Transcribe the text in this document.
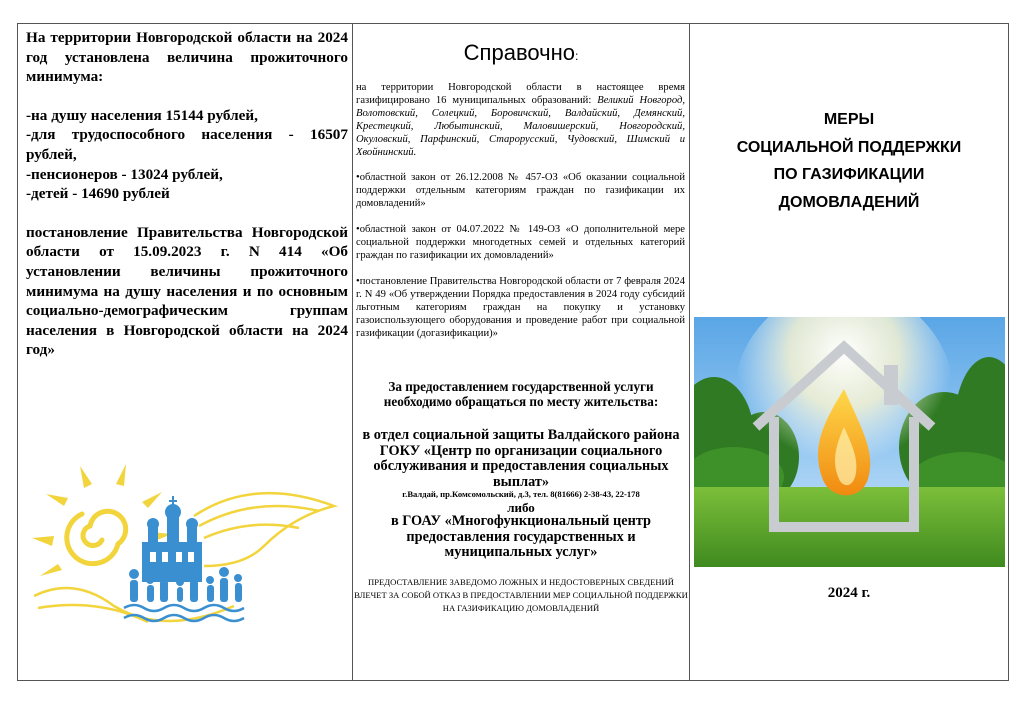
На территории Новгородской области на 2024 год установлена величина прожиточного минимума:

-на душу населения 15144 рублей,

-для трудоспособного населения - 16507 рублей,

-пенсионеров - 13024 рублей,

-детей - 14690 рублей

постановление Правительства Новгородской области от 15.09.2023 г. N 414 «Об установлении величины прожиточного минимума на душу населения и по основным социально-демографическим группам населения в Новгородской области на 2024 год»

Справочно:

на территории Новгородской области в настоящее время газифицировано 16 муниципальных образований: Великий Новгород, Волотовский, Солецкий, Боровичский, Валдайский, Демянский, Крестецкий, Любытинский, Маловишерский, Новгородский, Окуловский, Парфинский, Старорусский, Чудовский, Шимский и Хвойнинский.

•областной закон от 26.12.2008 № 457-ОЗ «Об оказании социальной поддержки отдельным категориям граждан по газификации их домовладений»

•областной закон от 04.07.2022 № 149-ОЗ «О дополнительной мере социальной поддержки многодетных семей и отдельных категорий граждан по газификации их домовладений»

•постановление Правительства Новгородской области от 7 февраля 2024 г. N 49 «Об утверждении Порядка предоставления в 2024 году субсидий льготным категориям граждан на покупку и установку газоиспользующего оборудования и проведение работ при социальной газификации (догазификации)»

За предоставлением государственной услуги необходимо обращаться по месту жительства:
в отдел социальной защиты Валдайского района ГОКУ «Центр по организации социального обслуживания и предоставления социальных выплат»
г.Валдай, пр.Комсомольский, д.3, тел. 8(81666) 2-38-43, 22-178
либо
в ГОАУ «Многофункциональный центр предоставления государственных и муниципальных услуг»
ПРЕДОСТАВЛЕНИЕ ЗАВЕДОМО ЛОЖНЫХ И НЕДОСТОВЕРНЫХ СВЕДЕНИЙ ВЛЕЧЕТ ЗА СОБОЙ ОТКАЗ В ПРЕДОСТАВЛЕНИИ МЕР СОЦИАЛЬНОЙ ПОДДЕРЖКИ НА ГАЗИФИКАЦИЮ ДОМОВЛАДЕНИЙ
МЕРЫ
СОЦИАЛЬНОЙ ПОДДЕРЖКИ
ПО ГАЗИФИКАЦИИ
ДОМОВЛАДЕНИЙ
2024 г.
